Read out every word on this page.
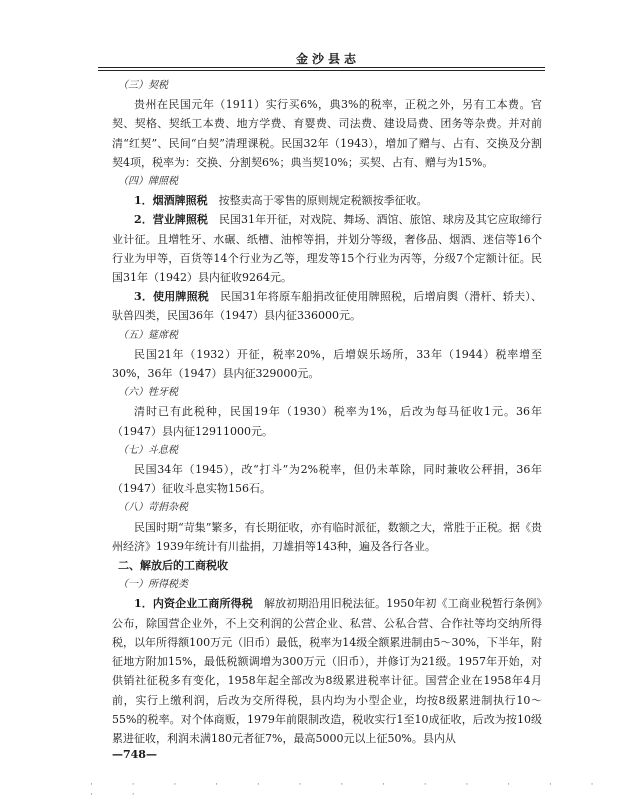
金沙县志

（三）契税

贵州在民国元年（1911）实行买6%，典3%的税率，正税之外，另有工本费。官契、契格、契纸工本费、地方学费、育婴费、司法费、建设局费、团务等杂费。并对前清“红契”、民间“白契”清理课税。民国32年（1943），增加了赠与、占有、交换及分割契4项，税率为：交换、分割契6%；典当契10%；买契、占有、赠与为15%。

（四）牌照税

1．烟酒牌照税　按整卖高于零售的原则规定税额按季征收。

2．营业牌照税　民国31年开征，对戏院、舞场、酒馆、旅馆、球房及其它应取缔行业计征。且增牲牙、水碾、纸槽、油榨等捐，并划分等级，奢侈品、烟酒、迷信等16个行业为甲等，百货等14个行业为乙等，理发等15个行业为丙等，分级7个定额计征。民国31年（1942）县内征收9264元。

3．使用牌照税　民国31年将原车船捐改征使用牌照税，后增肩舆（滑杆、轿夫）、驮兽四类，民国36年（1947）县内征336000元。

（五）筵席税

民国21年（1932）开征，税率20%，后增娱乐场所，33年（1944）税率增至30%，36年（1947）县内征329000元。

（六）牲牙税

清时已有此税种，民国19年（1930）税率为1%，后改为每马征收1元。36年（1947）县内征12911000元。

（七）斗息税

民国34年（1945），改“打斗”为2%税率，但仍未革除，同时兼收公秤捐，36年（1947）征收斗息实物156石。

（八）苛捐杂税

民国时期“苛集”繁多，有长期征收，亦有临时派征，数额之大，常胜于正税。据《贵州经济》1939年统计有川盐捐，刀雄捐等143种，遍及各行各业。

二、解放后的工商税收

（一）所得税类

1．内资企业工商所得税　解放初期沿用旧税法征。1950年初《工商业税暂行条例》公布，除国营企业外，不上交利润的公营企业、私营、公私合营、合作社等均交纳所得税，以年所得额100万元（旧币）最低，税率为14级全额累进制由5～30%，下半年，附征地方附加15%，最低税额调增为300万元（旧币），并修订为21级。1957年开始，对供销社征税多有变化，1958年起全部改为8级累进税率计征。国营企业在1958年4月前，实行上缴利润，后改为交所得税，县内均为小型企业，均按8级累进制执行10～55%的税率。对个体商贩，1979年前限制改造，税收实行1至10成征收，后改为按10级累进征收，利润未满180元者征7%，最高5000元以上征50%。县内从

—748—
· · · · · · · · · · · · · · ·
